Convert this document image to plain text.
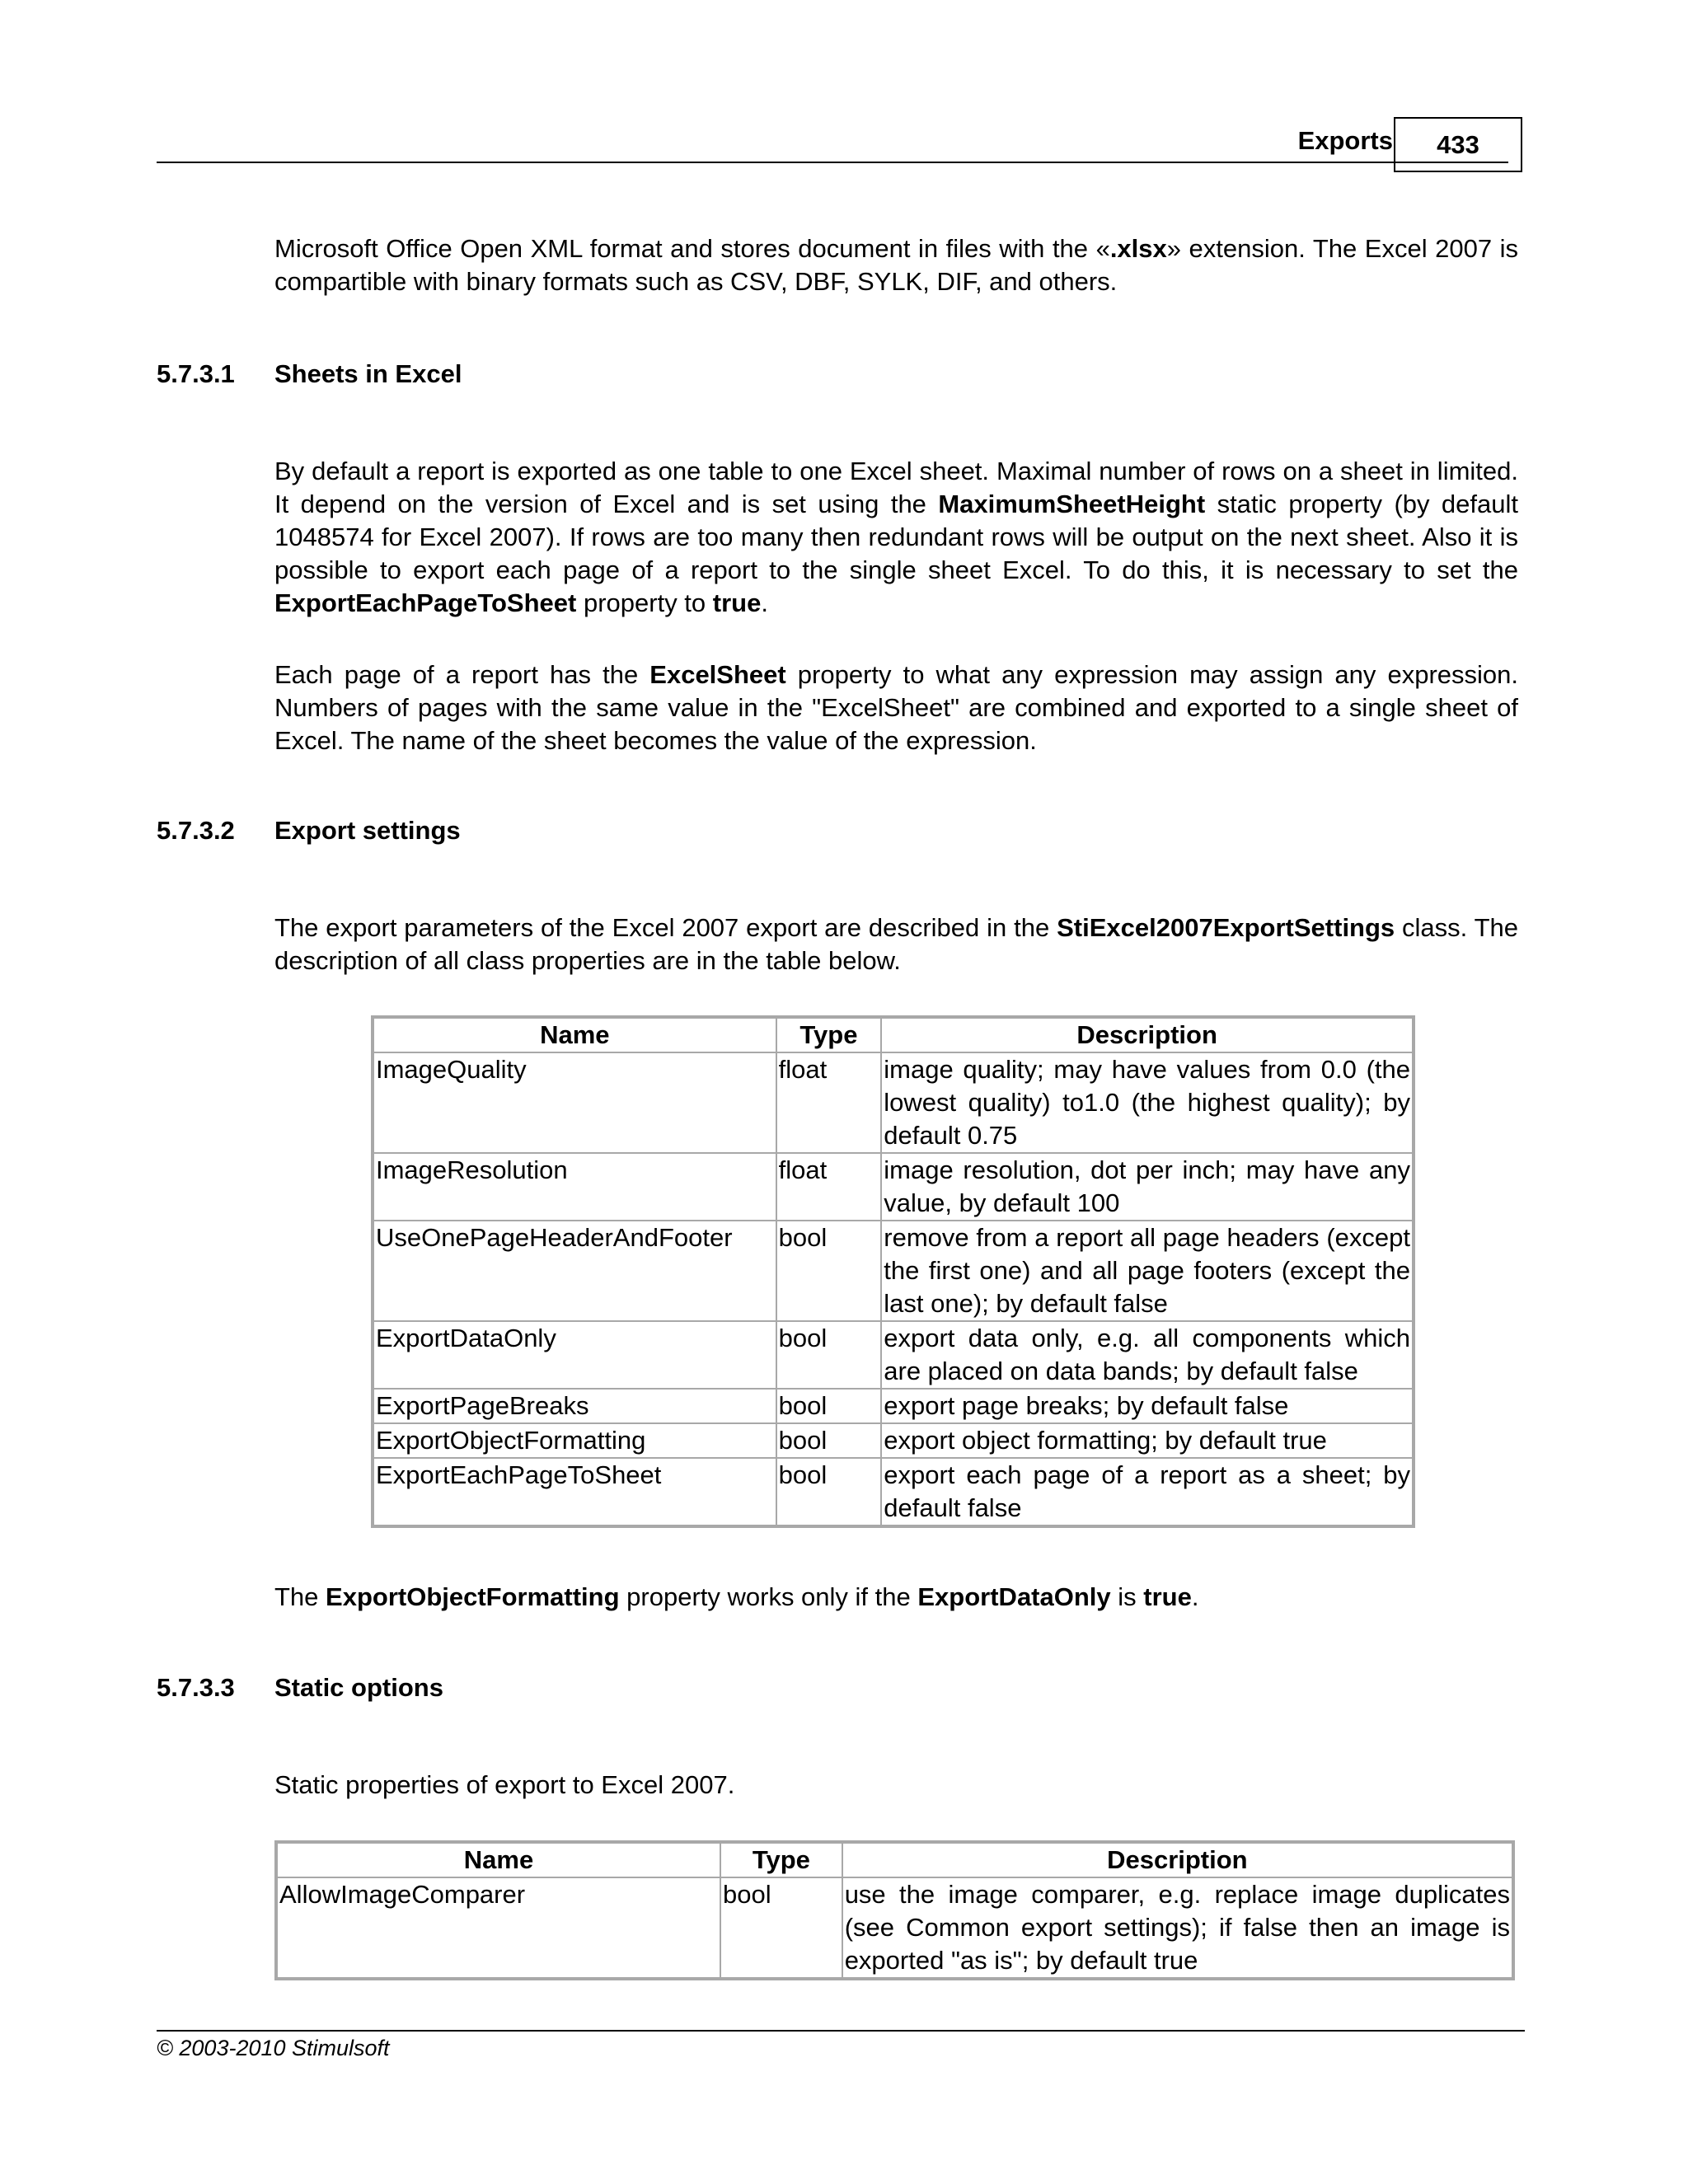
Exports	433
Microsoft Office Open XML format and stores document in files with the «.xlsx» extension. The Excel 2007 is compartible with binary formats such as CSV, DBF, SYLK, DIF, and others.
5.7.3.1 Sheets in Excel
By default a report is exported as one table to one Excel sheet. Maximal number of rows on a sheet in limited. It depend on the version of Excel and is set using the MaximumSheetHeight static property (by default 1048574 for Excel 2007). If rows are too many then redundant rows will be output on the next sheet. Also it is possible to export each page of a report to the single sheet Excel. To do this, it is necessary to set the ExportEachPageToSheet property to true.
Each page of a report has the ExcelSheet property to what any expression may assign any expression. Numbers of pages with the same value in the "ExcelSheet" are combined and exported to a single sheet of Excel. The name of the sheet becomes the value of the expression.
5.7.3.2 Export settings
The export parameters of the Excel 2007 export are described in the StiExcel2007ExportSettings class. The description of all class properties are in the table below.
Name	Type	Description
ImageQuality	float	image quality; may have values from 0.0 (the lowest quality) to1.0 (the highest quality); by default 0.75
ImageResolution	float	image resolution, dot per inch; may have any value, by default 100
UseOnePageHeaderAndFooter	bool	remove from a report all page headers (except the first one) and all page footers (except the last one); by default false
ExportDataOnly	bool	export data only, e.g. all components which are placed on data bands; by default false
ExportPageBreaks	bool	export page breaks; by default false
ExportObjectFormatting	bool	export object formatting; by default true
ExportEachPageToSheet	bool	export each page of a report as a sheet; by default false
The ExportObjectFormatting property works only if the ExportDataOnly is true.
5.7.3.3 Static options
Static properties of export to Excel 2007.
Name	Type	Description
AllowImageComparer	bool	use the image comparer, e.g. replace image duplicates (see Common export settings); if false then an image is exported "as is"; by default true
© 2003-2010 Stimulsoft
